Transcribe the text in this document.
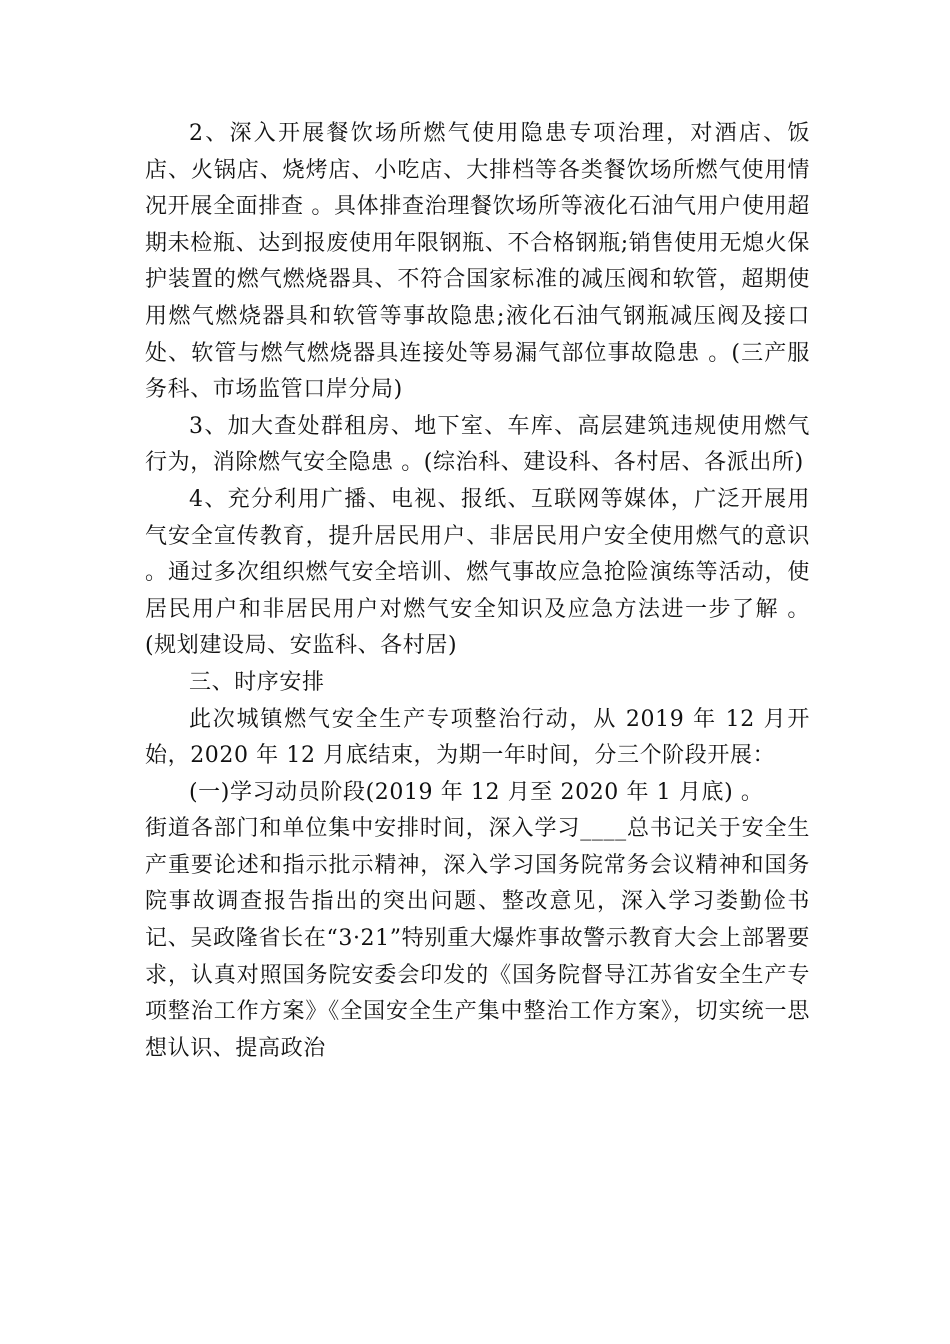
2、深入开展餐饮场所燃气使用隐患专项治理，对酒店、饭店、火锅店、烧烤店、小吃店、大排档等各类餐饮场所燃气使用情况开展全面排查 。具体排查治理餐饮场所等液化石油气用户使用超期未检瓶、达到报废使用年限钢瓶、不合格钢瓶;销售使用无熄火保护装置的燃气燃烧器具、不符合国家标准的减压阀和软管，超期使用燃气燃烧器具和软管等事故隐患;液化石油气钢瓶减压阀及接口处、软管与燃气燃烧器具连接处等易漏气部位事故隐患 。(三产服务科、市场监管口岸分局)

3、加大查处群租房、地下室、车库、高层建筑违规使用燃气行为，消除燃气安全隐患 。(综治科、建设科、各村居、各派出所)

4、充分利用广播、电视、报纸、互联网等媒体，广泛开展用气安全宣传教育，提升居民用户、非居民用户安全使用燃气的意识 。通过多次组织燃气安全培训、燃气事故应急抢险演练等活动，使居民用户和非居民用户对燃气安全知识及应急方法进一步了解 。(规划建设局、安监科、各村居)

三、时序安排

此次城镇燃气安全生产专项整治行动，从 2019 年 12 月开始，2020 年 12 月底结束，为期一年时间，分三个阶段开展：

(一)学习动员阶段(2019 年 12 月至 2020 年 1 月底) 。

街道各部门和单位集中安排时间，深入学习____总书记关于安全生产重要论述和指示批示精神，深入学习国务院常务会议精神和国务院事故调查报告指出的突出问题、整改意见，深入学习娄勤俭书记、吴政隆省长在“3·21”特别重大爆炸事故警示教育大会上部署要求，认真对照国务院安委会印发的《国务院督导江苏省安全生产专项整治工作方案》《全国安全生产集中整治工作方案》，切实统一思想认识、提高政治
